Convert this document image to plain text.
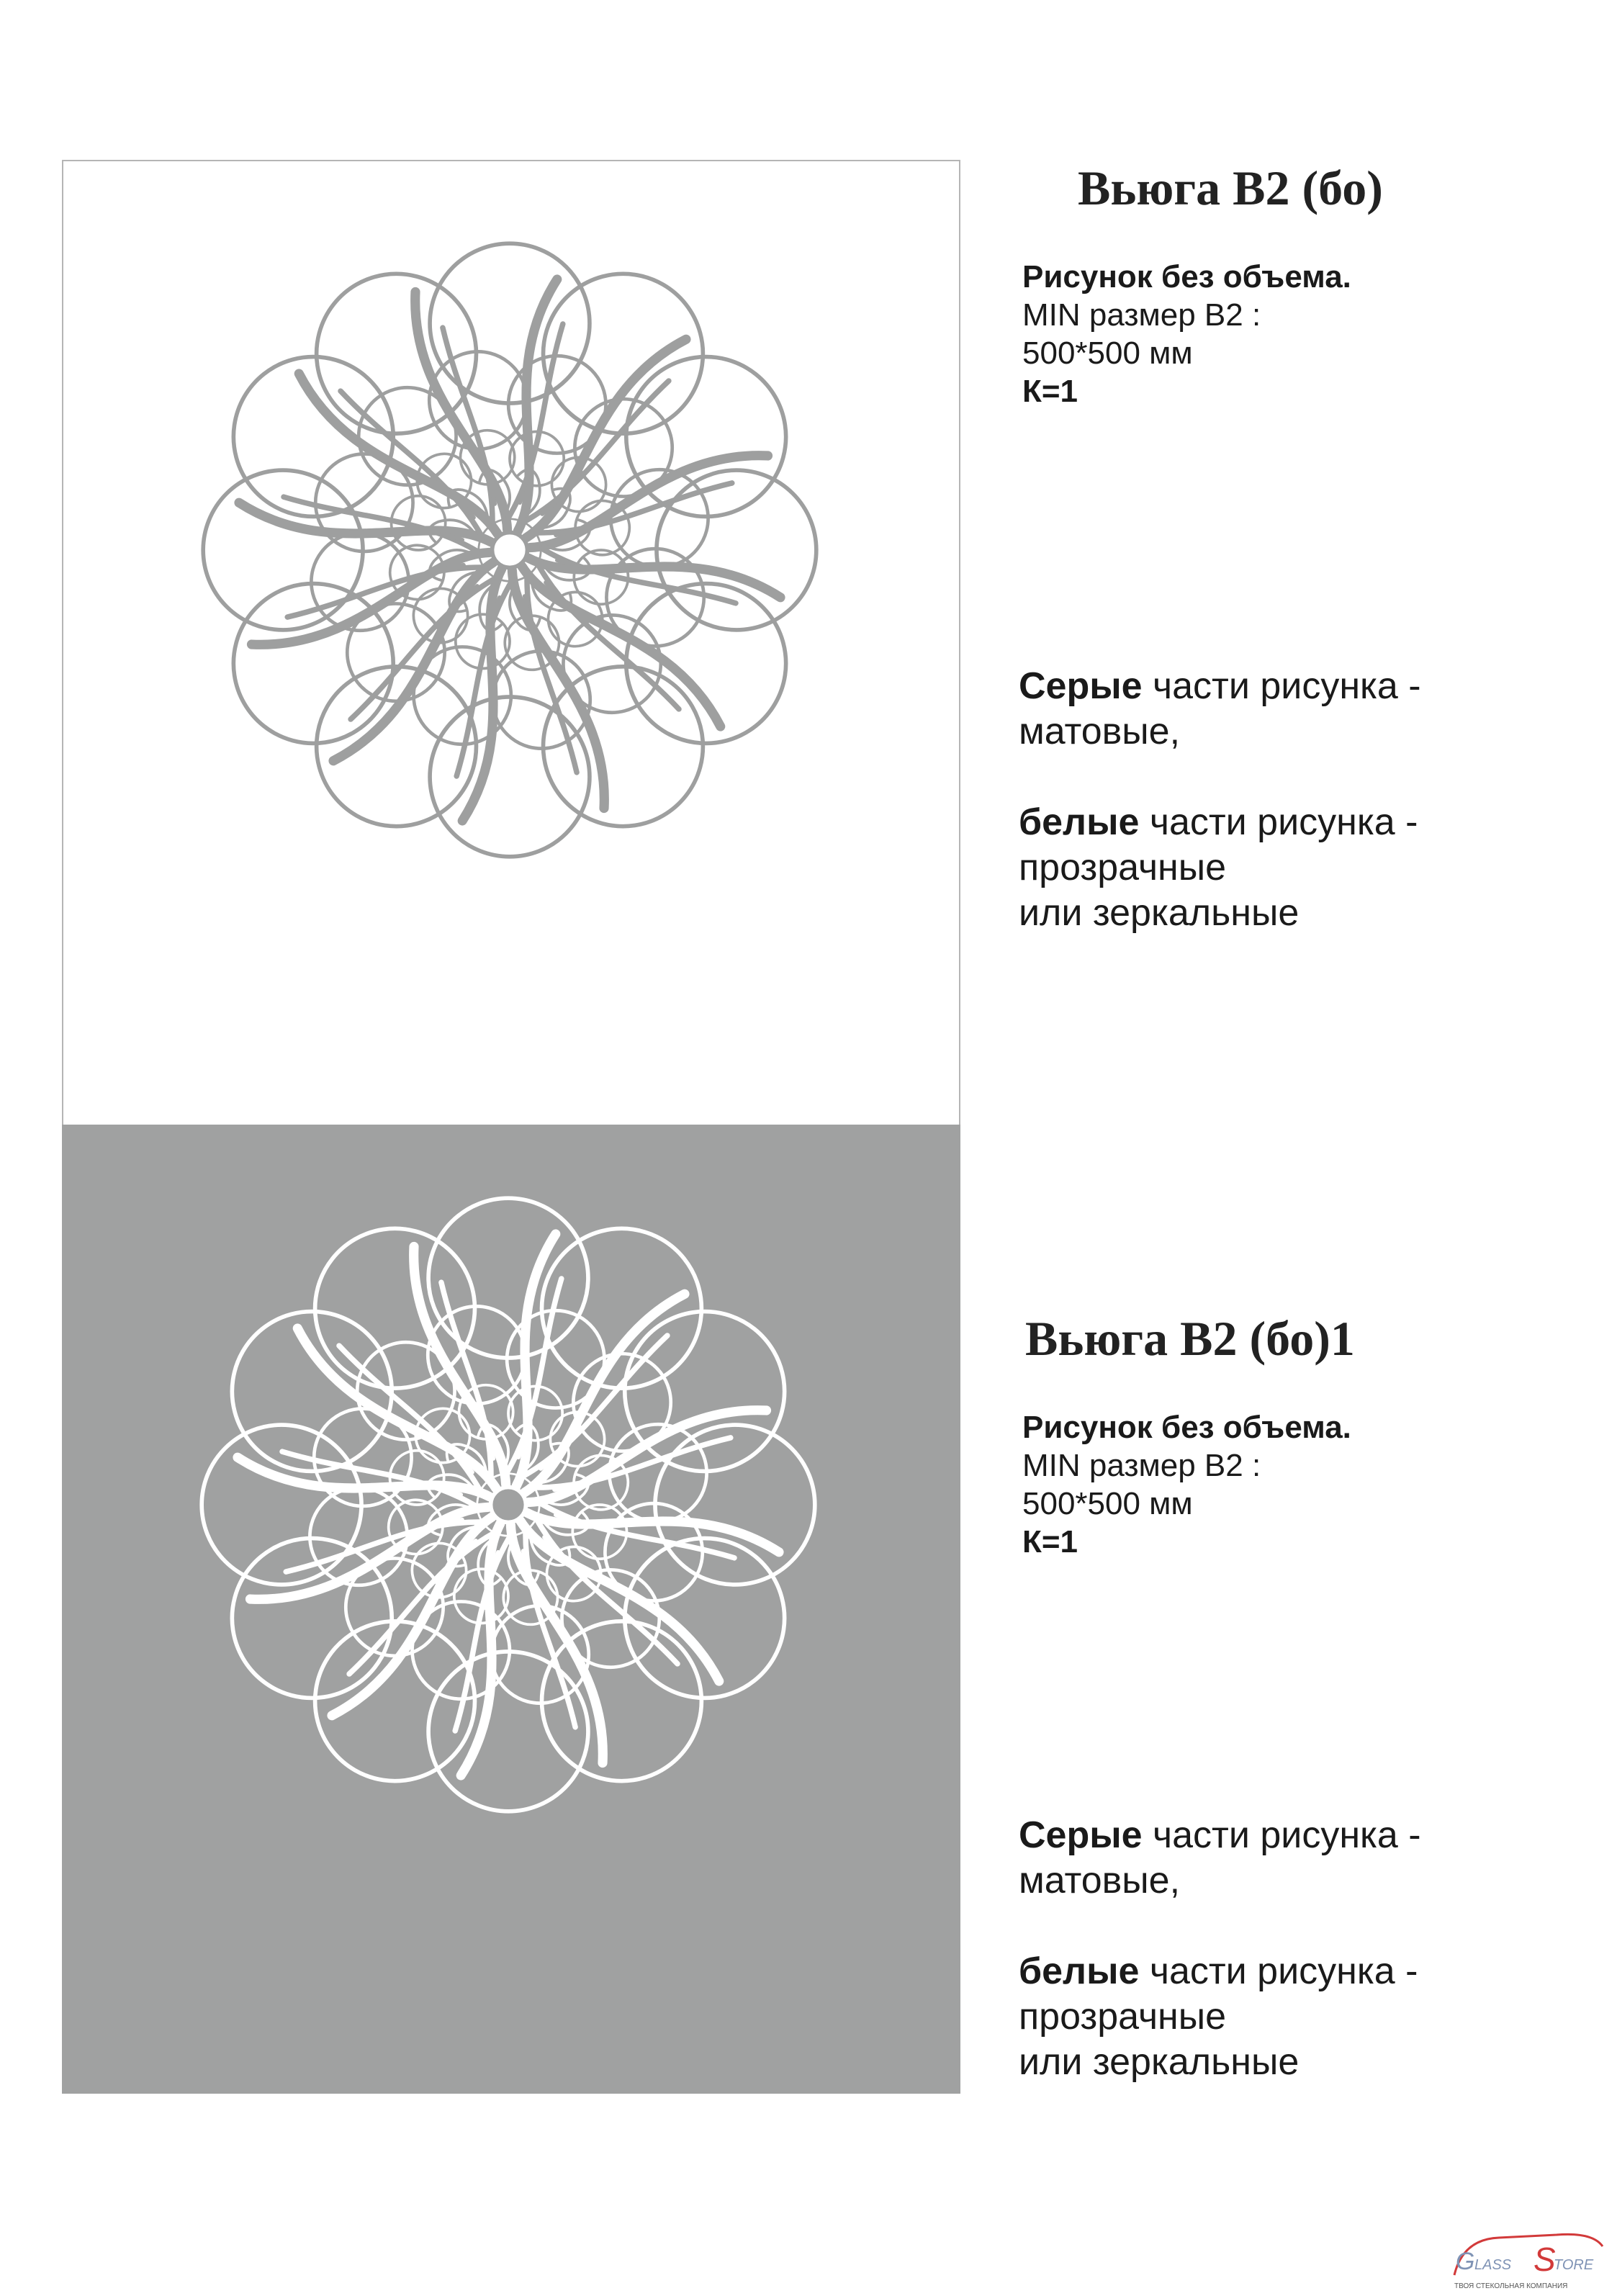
Вьюга В2 (бо)
Рисунок без объема.
MIN размер В2 :
500*500 мм
К=1

Серые части рисунка -

матовые,

белые части рисунка -

прозрачные

или зеркальные

Вьюга В2 (бо)1
Рисунок без объема.
MIN размер В2 :
500*500 мм
К=1

Серые части рисунка -

матовые,

белые части рисунка -

прозрачные

или зеркальные

G LASS S
TORE
ТВОЯ СТЕКОЛЬНАЯ КОМПАНИЯ
